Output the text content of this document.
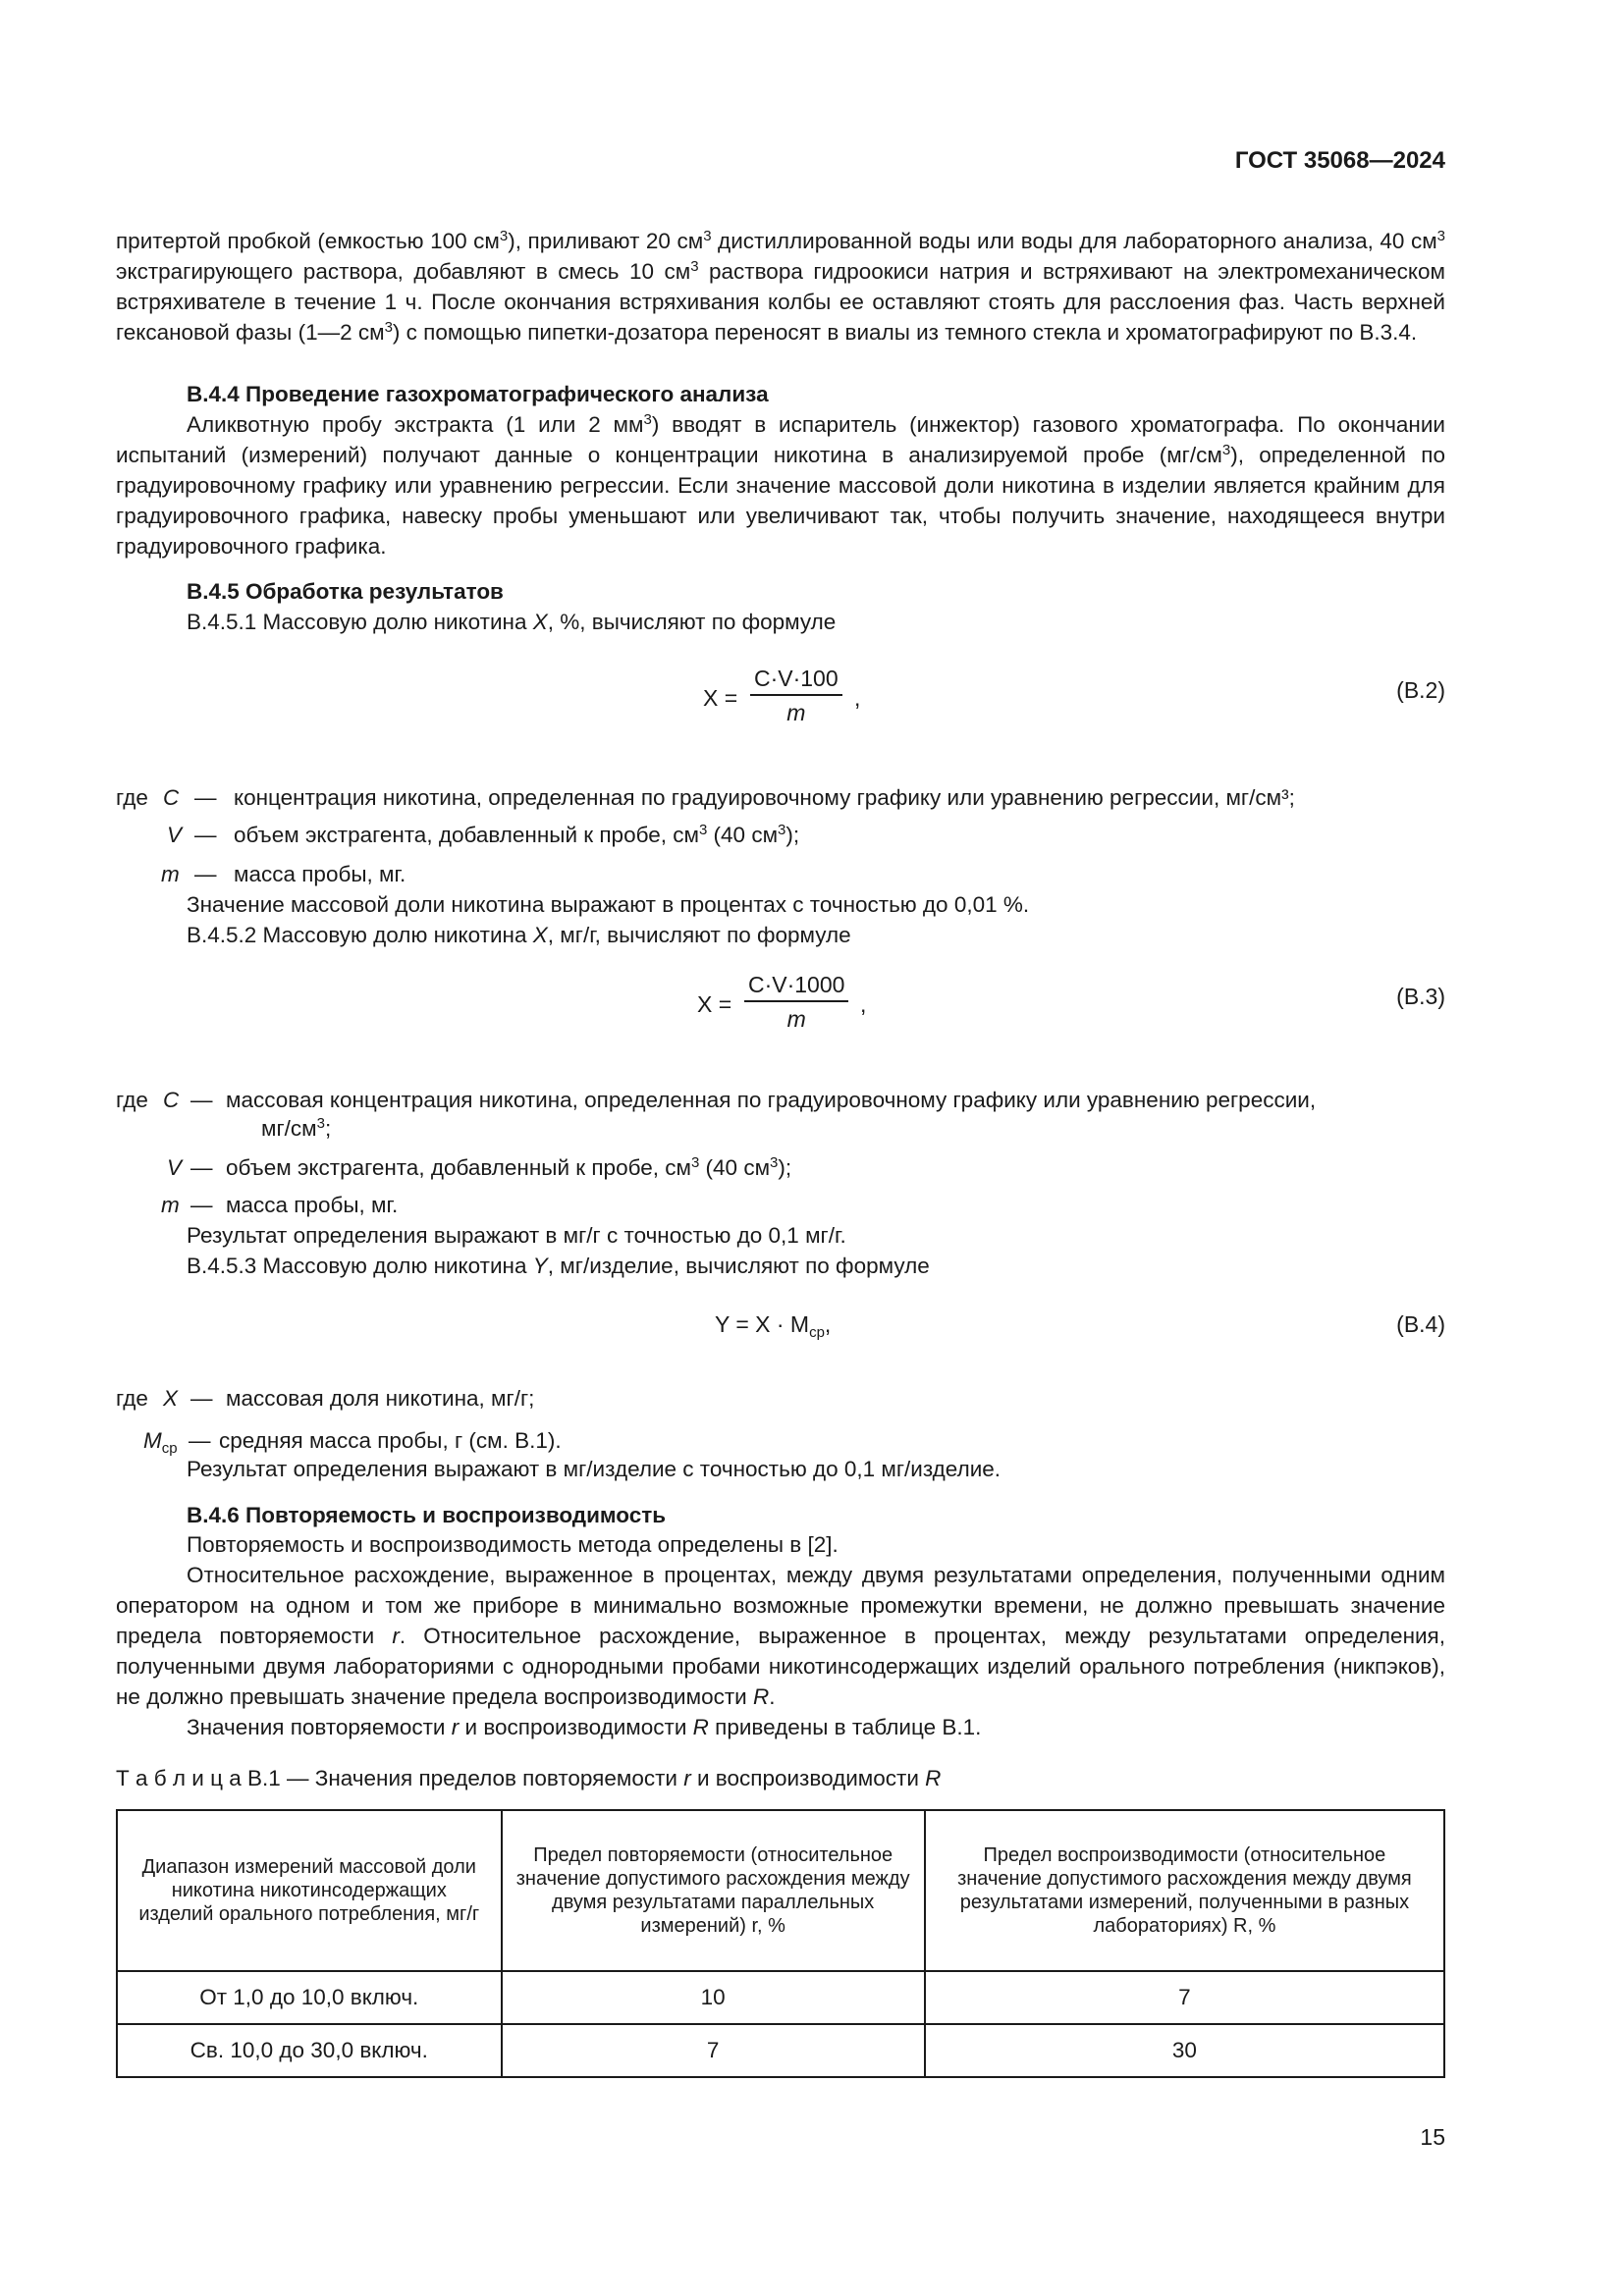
ГОСТ 35068—2024
притертой пробкой (емкостью 100 $см^3$), приливают 20 $см^3$ дистиллированной воды или воды для лабораторного анализа, 40 $см^3$ экстрагирующего раствора, добавляют в смесь 10 $см^3$ раствора гидроокиси натрия и встряхивают на электромеханическом встряхивателе в течение 1 ч. После окончания встряхивания колбы ее оставляют стоять для расслоения фаз. Часть верхней гексановой фазы (1—2 $см^3$) с помощью пипетки-дозатора переносят в виалы из темного стекла и хроматографируют по В.3.4.
В.4.4 Проведение газохроматографического анализа
Аликвотную пробу экстракта (1 или 2 $мм^3$) вводят в испаритель (инжектор) газового хроматографа. По окончании испытаний (измерений) получают данные о концентрации никотина в анализируемой пробе $(мг/см^3)$, определенной по градуировочному графику или уравнению регрессии. Если значение массовой доли никотина в изделии является крайним для градуировочного графика, навеску пробы уменьшают или увеличивают так, чтобы получить значение, находящееся внутри градуировочного графика.
В.4.5 Обработка результатов
В.4.5.1 Массовую долю никотина X, %, вычисляют по формуле
$X = \frac{C\cdot V\cdot 100}{m}$ ,	(В.2)
где C — концентрация никотина, определенная по градуировочному графику или уравнению регрессии, мг/см³;
V — объем экстрагента, добавленный к пробе, $см^3$ (40 $см^3$);
m — масса пробы, мг.
Значение массовой доли никотина выражают в процентах с точностью до 0,01 %.
В.4.5.2 Массовую долю никотина X, мг/г, вычисляют по формуле
$X = \frac{C\cdot V\cdot 1000}{m}$ ,	(В.3)
где C — массовая концентрация никотина, определенная по градуировочному графику или уравнению регрессии,
$мг/см^3$;
V — объем экстрагента, добавленный к пробе, $см^3$ (40 $см^3$);
m — масса пробы, мг.
Результат определения выражают в мг/г с точностью до 0,1 мг/г.
В.4.5.3 Массовую долю никотина Y, мг/изделие, вычисляют по формуле
$Y = X \cdot M_{ср}$,	(В.4)
где X — массовая доля никотина, мг/г;
$M_{ср}$ — средняя масса пробы, г (см. В.1).
Результат определения выражают в мг/изделие с точностью до 0,1 мг/изделие.
В.4.6 Повторяемость и воспроизводимость
Повторяемость и воспроизводимость метода определены в [2].
Относительное расхождение, выраженное в процентах, между двумя результатами определения, полученными одним оператором на одном и том же приборе в минимально возможные промежутки времени, не должно превышать значение предела повторяемости r. Относительное расхождение, выраженное в процентах, между результатами определения, полученными двумя лабораториями с однородными пробами никотинсодержащих изделий орального потребления (никпэков), не должно превышать значение предела воспроизводимости R.
Значения повторяемости r и воспроизводимости R приведены в таблице В.1.
Т а б л и ц а В.1 — Значения пределов повторяемости r и воспроизводимости R
Диапазон измерений массовой доли никотина никотинсодержащих изделий орального потребления, мг/г	Предел повторяемости (относительное значение допустимого расхождения между двумя результатами параллельных измерений) r, %	Предел воспроизводимости (относительное значение допустимого расхождения между двумя результатами измерений, полученными в разных лабораториях) R, %
От 1,0 до 10,0 включ.	10	7
Св. 10,0 до 30,0 включ.	7	30
15
